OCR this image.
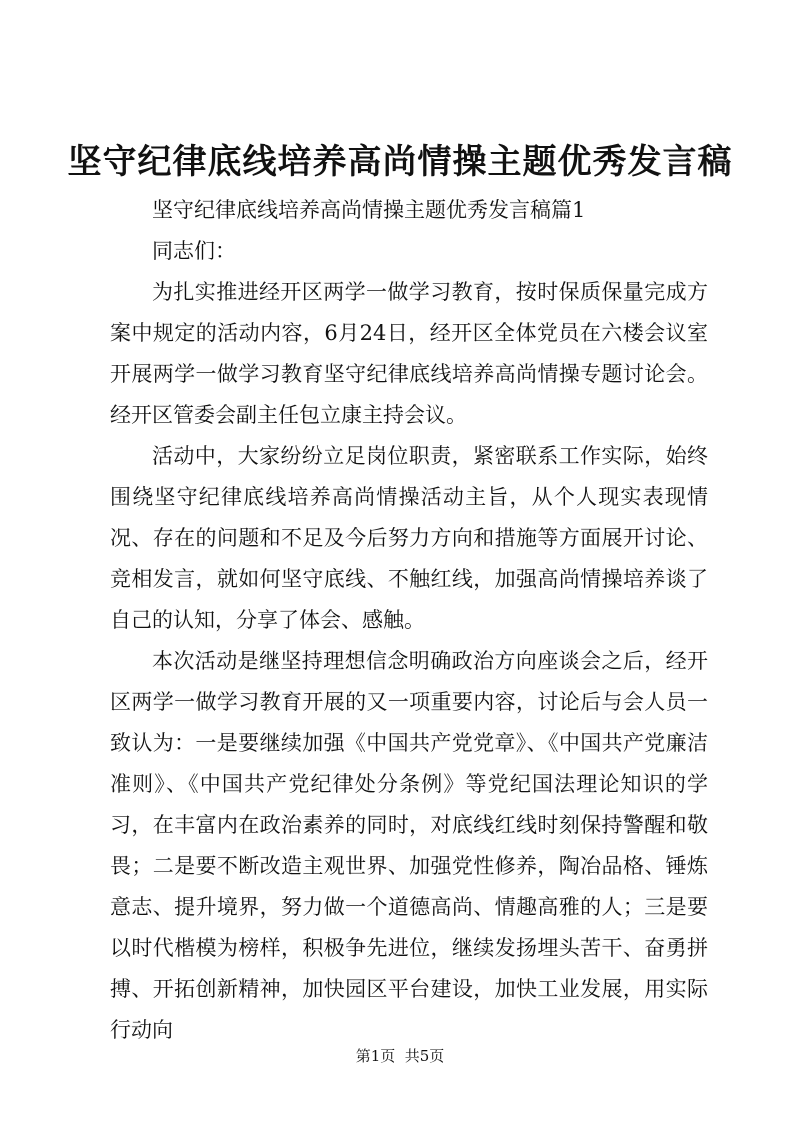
坚守纪律底线培养高尚情操主题优秀发言稿

坚守纪律底线培养高尚情操主题优秀发言稿篇1

同志们：

为扎实推进经开区两学一做学习教育，按时保质保量完成方案中规定的活动内容，6月24日，经开区全体党员在六楼会议室开展两学一做学习教育坚守纪律底线培养高尚情操专题讨论会。经开区管委会副主任包立康主持会议。

活动中，大家纷纷立足岗位职责，紧密联系工作实际，始终围绕坚守纪律底线培养高尚情操活动主旨，从个人现实表现情况、存在的问题和不足及今后努力方向和措施等方面展开讨论、竞相发言，就如何坚守底线、不触红线，加强高尚情操培养谈了自己的认知，分享了体会、感触。

本次活动是继坚持理想信念明确政治方向座谈会之后，经开区两学一做学习教育开展的又一项重要内容，讨论后与会人员一致认为：一是要继续加强《中国共产党党章》、《中国共产党廉洁准则》、《中国共产党纪律处分条例》等党纪国法理论知识的学习，在丰富内在政治素养的同时，对底线红线时刻保持警醒和敬畏；二是要不断改造主观世界、加强党性修养，陶冶品格、锤炼意志、提升境界，努力做一个道德高尚、情趣高雅的人；三是要以时代楷模为榜样，积极争先进位，继续发扬埋头苦干、奋勇拼搏、开拓创新精神，加快园区平台建设，加快工业发展，用实际行动向

第1页  共5页
